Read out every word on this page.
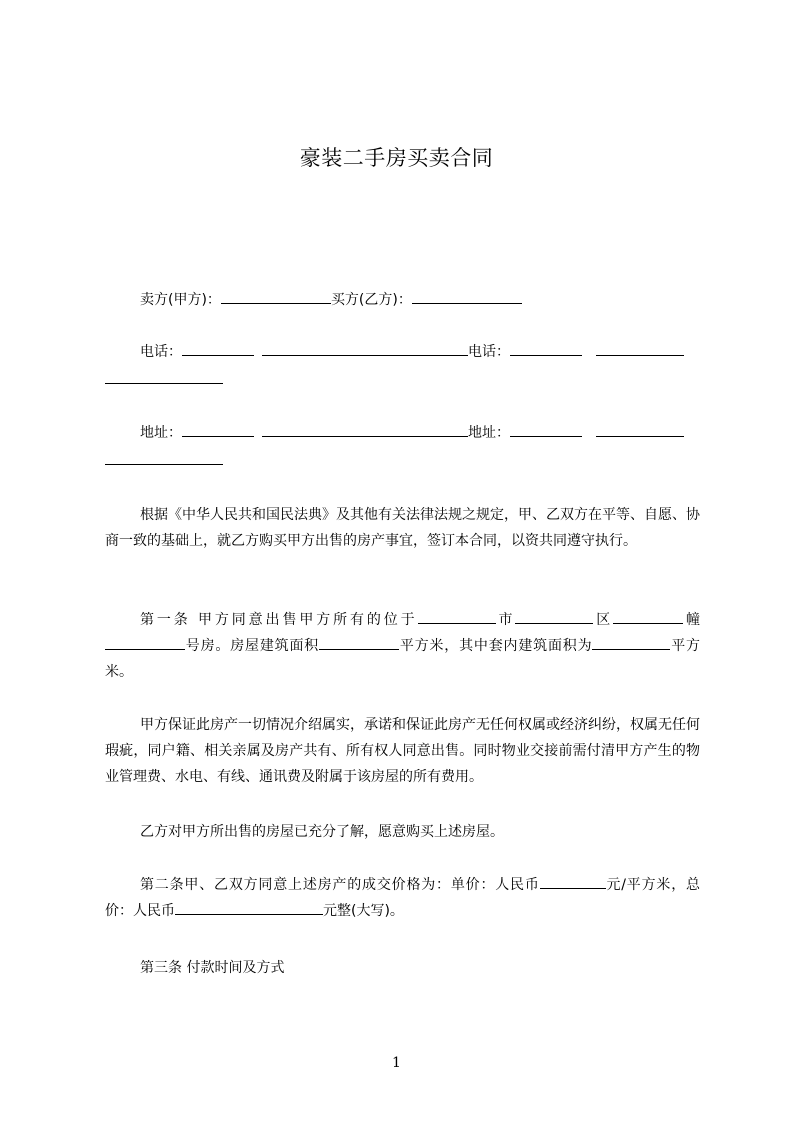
豪装二手房买卖合同
卖方(甲方)：	买方(乙方)：
电话：	电话：
地址：	地址：
根据《中华人民共和国民法典》及其他有关法律法规之规定，甲、乙双方在平等、自愿、协商一致的基础上，就乙方购买甲方出售的房产事宜，签订本合同，以资共同遵守执行。
第一条 甲方同意出售甲方所有的位于	市	区	幢号房。房屋建筑面积	平方米，其中套内建筑面积为	平方米。
甲方保证此房产一切情况介绍属实，承诺和保证此房产无任何权属或经济纠纷，权属无任何瑕疵，同户籍、相关亲属及房产共有、所有权人同意出售。同时物业交接前需付清甲方产生的物业管理费、水电、有线、通讯费及附属于该房屋的所有费用。
乙方对甲方所出售的房屋已充分了解，愿意购买上述房屋。
第二条甲、乙双方同意上述房产的成交价格为：单价：人民币	元/平方米，总价：人民币	元整(大写)。
第三条 付款时间及方式
1
